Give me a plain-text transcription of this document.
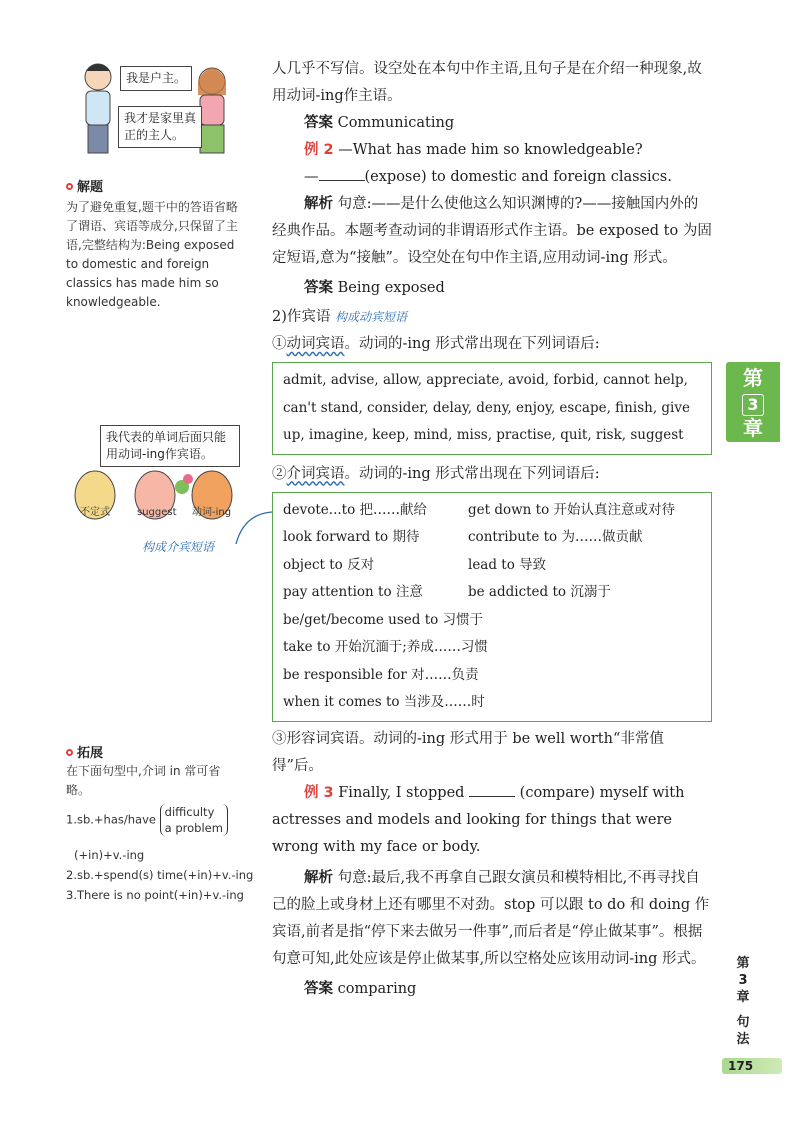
我是户主。
我才是家里真正的主人。
解题
为了避免重复,题干中的答语省略了谓语、宾语等成分,只保留了主语,完整结构为:Being exposed to domestic and foreign classics has made him so knowledgeable.
我代表的单词后面只能用动词-ing作宾语。
不定式	suggest 动词-ing
构成介宾短语
拓展
在下面句型中,介词 in 常可省略。
1.sb.+has/have difficulty
a problem
(+in)+v.-ing
2.sb.+spend(s) time(+in)+v.-ing
3.There is no point(+in)+v.-ing

人几乎不写信。设空处在本句中作主语,且句子是在介绍一种现象,故用动词-ing作主语。

答案 Communicating

例 2 —What has made him so knowledgeable?

—	(expose) to domestic and foreign classics.

解析 句意:——是什么使他这么知识渊博的?——接触国内外的经典作品。本题考查动词的非谓语形式作主语。be exposed to 为固定短语,意为“接触”。设空处在句中作主语,应用动词-ing 形式。

答案 Being exposed

2)作宾语 构成动宾短语

①动词宾语。动词的-ing 形式常出现在下列词语后:

admit, advise, allow, appreciate, avoid, forbid, cannot help, can't stand, consider, delay, deny, enjoy, escape, finish, give up, imagine, keep, mind, miss, practise, quit, risk, suggest

②介词宾语。动词的-ing 形式常出现在下列词语后:

devote...to 把……献给	get down to 开始认真注意或对待
look forward to 期待	contribute to 为……做贡献
object to 反对	lead to 导致
pay attention to 注意	be addicted to 沉溺于
be/get/become used to 习惯于
take to 开始沉湎于;养成……习惯
be responsible for 对……负责
when it comes to 当涉及……时

③形容词宾语。动词的-ing 形式用于 be well worth“非常值得”后。

例 3 Finally, I stopped	(compare) myself with actresses and models and looking for things that were wrong with my face or body.

解析 句意:最后,我不再拿自己跟女演员和模特相比,不再寻找自己的脸上或身材上还有哪里不对劲。stop 可以跟 to do 和 doing 作宾语,前者是指“停下来去做另一件事”,而后者是“停止做某事”。根据句意可知,此处应该是停止做某事,所以空格处应该用动词-ing 形式。

答案 comparing

第
3
章
第
3
章
句
法
175
